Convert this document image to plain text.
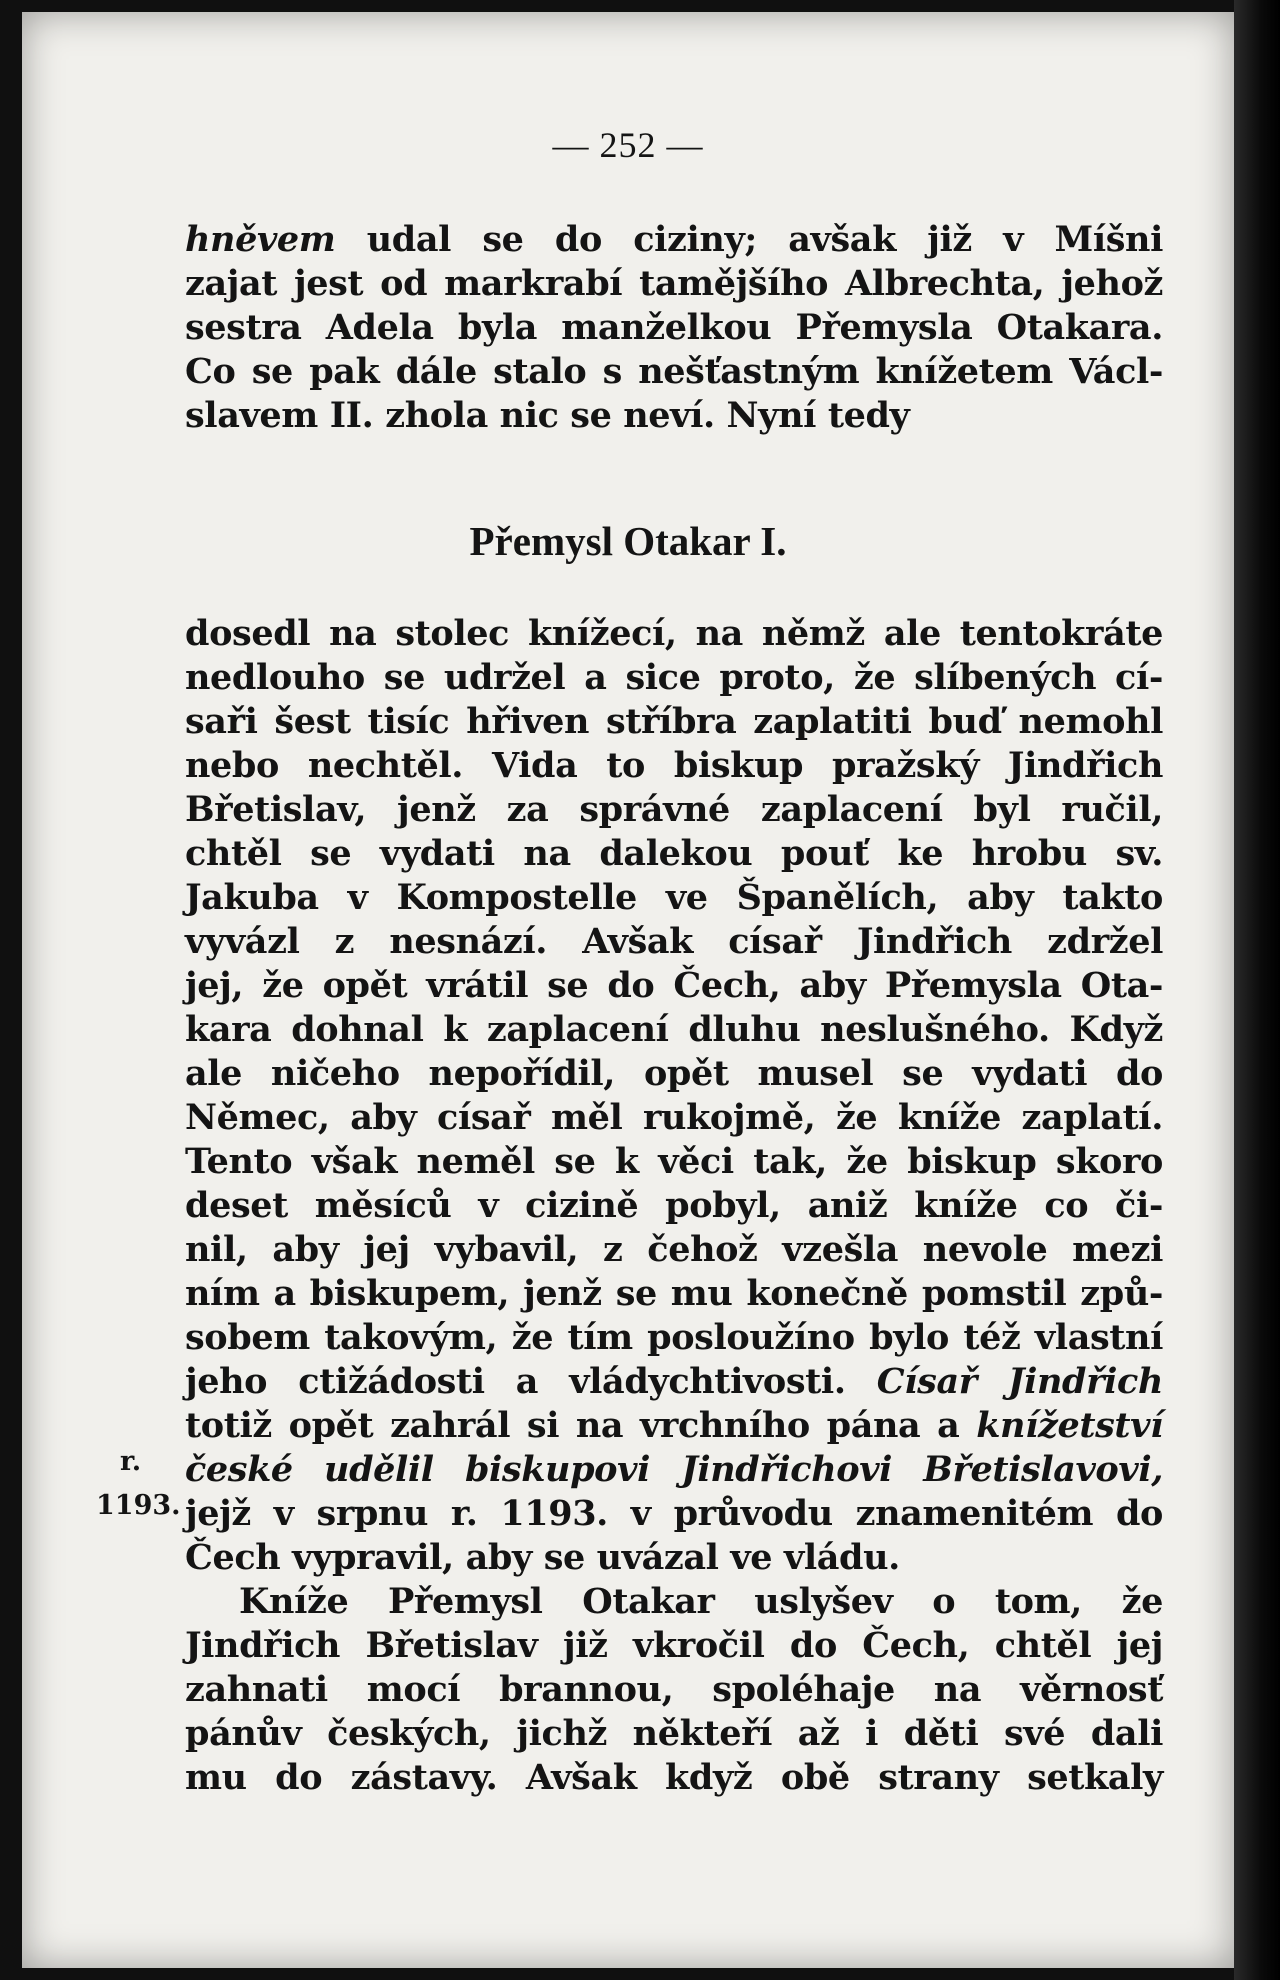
— 252 —
hněvem udal se do ciziny; avšak již v Míšni
zajat jest od markrabí tamějšího Albrechta, jehož
sestra Adela byla manželkou Přemysla Otakara.
Co se pak dále stalo s nešťastným knížetem Václ-
slavem II. zhola nic se neví. Nyní tedy
Přemysl Otakar I.
dosedl na stolec knížecí, na němž ale tentokráte
nedlouho se udržel a sice proto, že slíbených cí-
saři šest tisíc hřiven stříbra zaplatiti buď nemohl
nebo nechtěl. Vida to biskup pražský Jindřich
Břetislav, jenž za správné zaplacení byl ručil,
chtěl se vydati na dalekou pouť ke hrobu sv.
Jakuba v Kompostelle ve Španělích, aby takto
vyvázl z nesnází. Avšak císař Jindřich zdržel
jej, že opět vrátil se do Čech, aby Přemysla Ota-
kara dohnal k zaplacení dluhu neslušného. Když
ale ničeho nepořídil, opět musel se vydati do
Němec, aby císař měl rukojmě, že kníže zaplatí.
Tento však neměl se k věci tak, že biskup skoro
deset měsíců v cizině pobyl, aniž kníže co či-
nil, aby jej vybavil, z čehož vzešla nevole mezi
ním a biskupem, jenž se mu konečně pomstil způ-
sobem takovým, že tím posloužíno bylo též vlastní
jeho ctižádosti a vládychtivosti. Císař Jindřich
totiž opět zahrál si na vrchního pána a knížetství
české udělil biskupovi Jindřichovi Břetislavovi,
jejž v srpnu r. 1193. v průvodu znamenitém do
Čech vypravil, aby se uvázal ve vládu.
r.
1193.
Kníže Přemysl Otakar uslyšev o tom, že
Jindřich Břetislav již vkročil do Čech, chtěl jej
zahnati mocí brannou, spoléhaje na věrnosť
pánův českých, jichž někteří až i děti své dali
mu do zástavy. Avšak když obě strany setkaly
